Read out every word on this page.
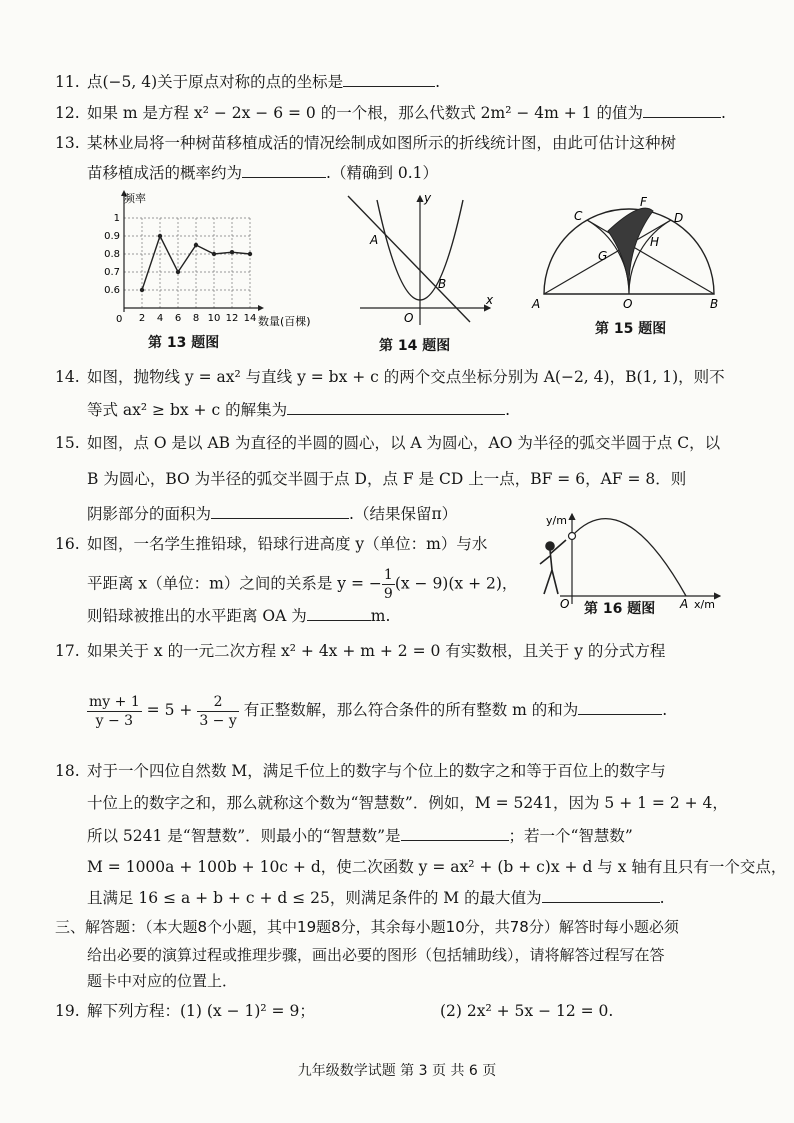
11. 点(−5, 4)关于原点对称的点的坐标是	.
12. 如果 m 是方程 x² − 2x − 6 = 0 的一个根，那么代数式 2m² − 4m + 1 的值为	.
13. 某林业局将一种树苗移植成活的情况绘制成如图所示的折线统计图，由此可估计这种树
苗移植成活的概率约为	.（精确到 0.1）
1
0.9
0.8
0.7
0.6
2 4 6 8 10 12 14
频率
数量(百棵)
0
第 13 题图
A
B
O
x
y
第 14 题图
A	B
C	D
F
G
H
O
第 15 题图
14. 如图，抛物线 y = ax² 与直线 y = bx + c 的两个交点坐标分别为 A(−2, 4)，B(1, 1)，则不
等式 ax² ≥ bx + c 的解集为	.
15. 如图，点 O 是以 AB 为直径的半圆的圆心，以 A 为圆心，AO 为半径的弧交半圆于点 C，以
B 为圆心，BO 为半径的弧交半圆于点 D，点 F 是 CD 上一点，BF = 6，AF = 8．则
阴影部分的面积为	.（结果保留π）
16. 如图，一名学生推铅球，铅球行进高度 y（单位：m）与水
平距离 x（单位：m）之间的关系是 y = − $\frac{1}{9} (x - 9)(x + 2)$，
则铅球被推出的水平距离 OA 为	m.
y/m
O	A x/m
第 16 题图
17. 如果关于 x 的一元二次方程 x² + 4x + m + 2 = 0 有实数根，且关于 y 的分式方程
$\frac{my + 1}{y - 3} = 5 + \frac{2}{3 - y}$ 有正整数解，那么符合条件的所有整数 m 的和为	.
18. 对于一个四位自然数 M，满足千位上的数字与个位上的数字之和等于百位上的数字与
十位上的数字之和，那么就称这个数为“智慧数”．例如，M = 5241，因为 5 + 1 = 2 + 4，
所以 5241 是“智慧数”．则最小的“智慧数”是	；若一个“智慧数”
M = 1000a + 100b + 10c + d，使二次函数 y = ax² + (b + c)x + d 与 x 轴有且只有一个交点，
且满足 16 ≤ a + b + c + d ≤ 25，则满足条件的 M 的最大值为	.
三、解答题：（本大题8个小题，其中19题8分，其余每小题10分，共78分）解答时每小题必须
给出必要的演算过程或推理步骤，画出必要的图形（包括辅助线），请将解答过程写在答
题卡中对应的位置上．
19. 解下列方程：(1) (x − 1)² = 9；	(2) 2x² + 5x − 12 = 0.
九年级数学试题 第 3 页 共 6 页
